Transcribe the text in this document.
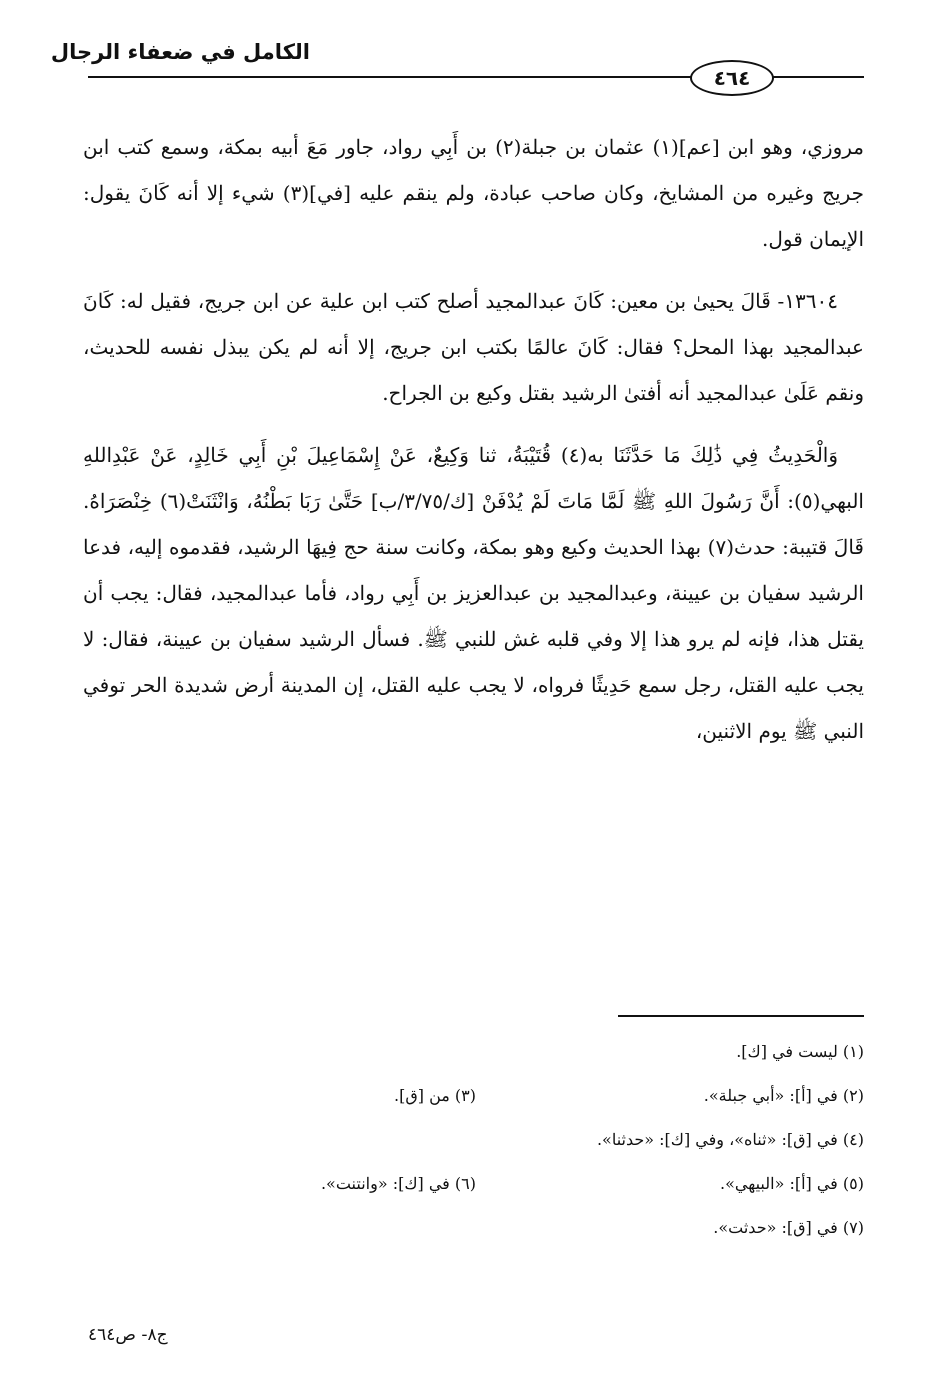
الكامل في ضعفاء الرجال
٤٦٤

مروزي، وهو ابن [عم](١) عثمان بن جبلة(٢) بن أَبِي رواد، جاور مَعَ أبيه بمكة، وسمع كتب ابن جريج وغيره من المشايخ، وكان صاحب عبادة، ولم ينقم عليه [في](٣) شيء إلا أنه كَانَ يقول: الإيمان قول.

١٣٦٠٤- قَالَ يحيىٰ بن معين: كَانَ عبدالمجيد أصلح كتب ابن علية عن ابن جريج، فقيل له: كَانَ عبدالمجيد بهذا المحل؟ فقال: كَانَ عالمًا بكتب ابن جريج، إلا أنه لم يكن يبذل نفسه للحديث، ونقم عَلَىٰ عبدالمجيد أنه أفتىٰ الرشيد بقتل وكيع بن الجراح.

وَالْحَدِيثُ فِي ذَٰلِكَ مَا حَدَّثَنَا به(٤) قُتَيْبَةُ، ثنا وَكِيعٌ، عَنْ إِسْمَاعِيلَ بْنِ أَبِي خَالِدٍ، عَنْ عَبْدِاللهِ البهي(٥): أَنَّ رَسُولَ اللهِ ﷺ لَمَّا مَاتَ لَمْ يُدْفَنْ [ك/٣/٧٥/ب] حَتَّىٰ رَبَا بَطْنُهُ، وَانْثَنَتْ(٦) خِنْصَرَاهُ. قَالَ قتيبة: حدث(٧) بهذا الحديث وكيع وهو بمكة، وكانت سنة حج فِيهَا الرشيد، فقدموه إليه، فدعا الرشيد سفيان بن عيينة، وعبدالمجيد بن عبدالعزيز بن أَبِي رواد، فأما عبدالمجيد، فقال: يجب أن يقتل هذا، فإنه لم يرو هذا إلا وفي قلبه غش للنبي ﷺ. فسأل الرشيد سفيان بن عيينة، فقال: لا يجب عليه القتل، رجل سمع حَدِيثًا فرواه، لا يجب عليه القتل، إن المدينة أرض شديدة الحر توفي النبي ﷺ يوم الاثنين،

(١) ليست في [ك].
(٢) في [أ]: «أبي جبلة».
(٣) من [ق].
(٤) في [ق]: «ثناه»، وفي [ك]: «حدثنا».
(٥) في [أ]: «البيهي».
(٦) في [ك]: «وانتنت».
(٧) في [ق]: «حدثت».
ج٨- ص٤٦٤
